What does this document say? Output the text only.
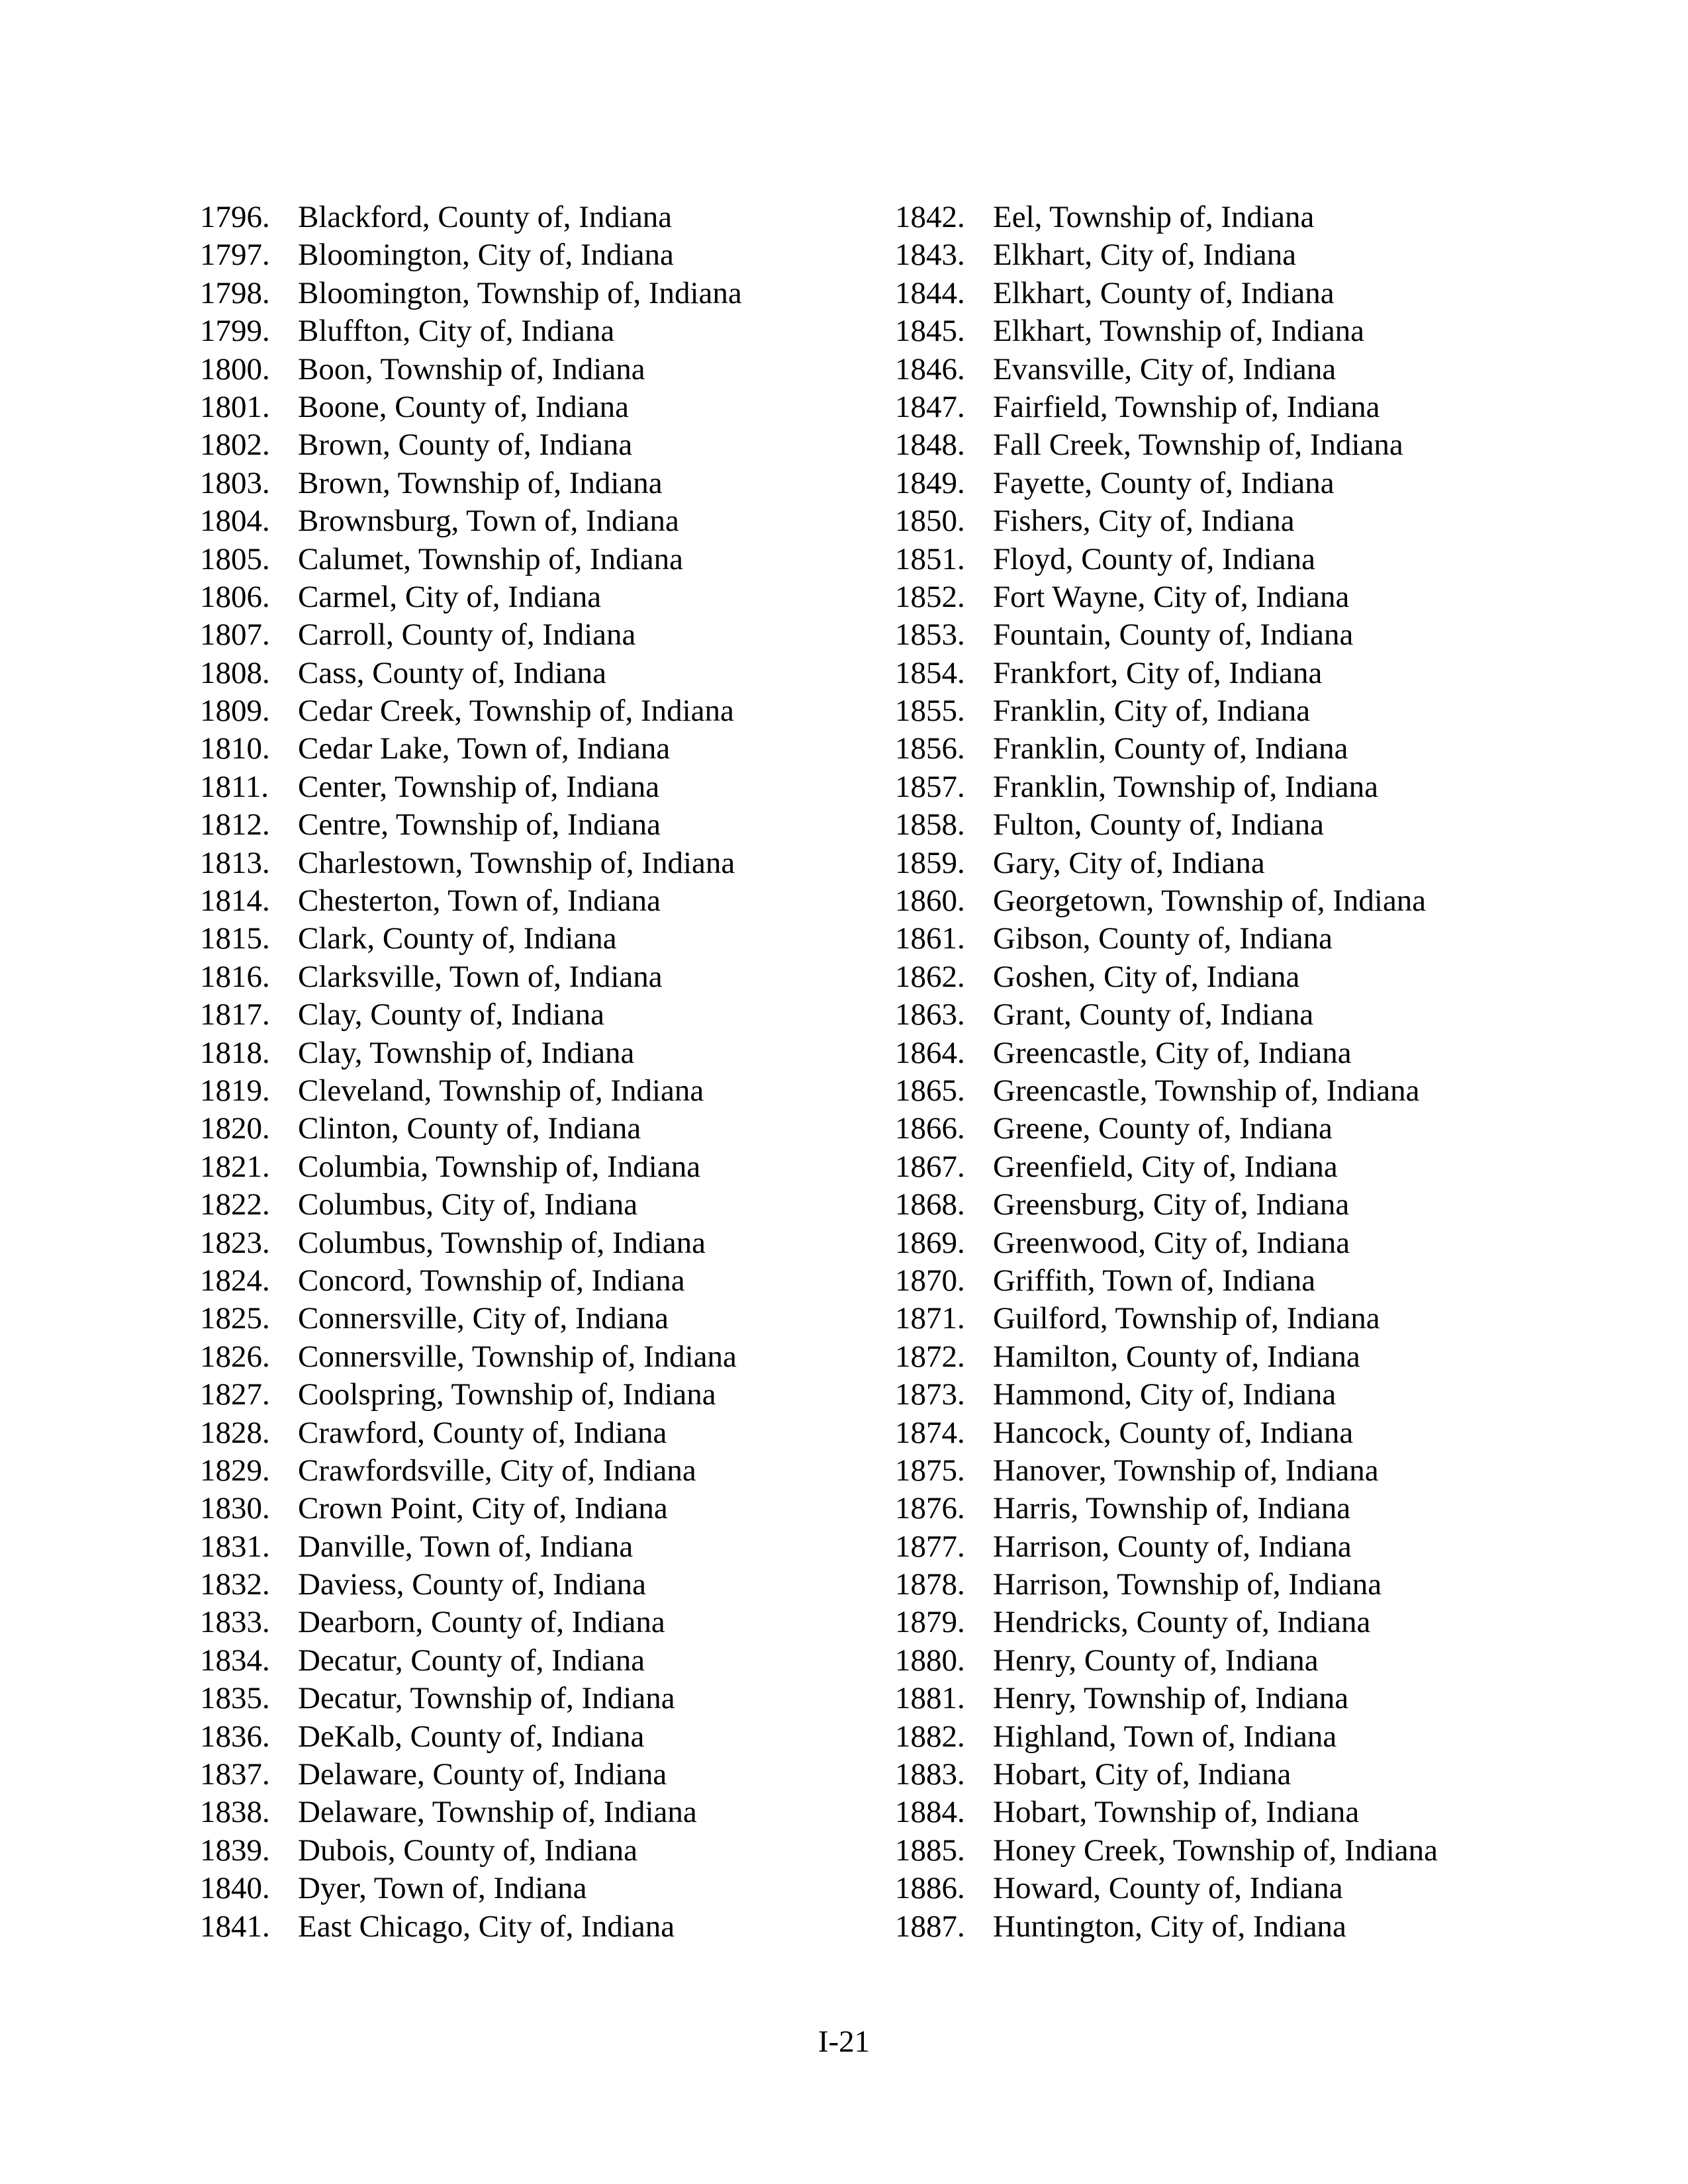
1796. Blackford, County of, Indiana
1797. Bloomington, City of, Indiana
1798. Bloomington, Township of, Indiana
1799. Bluffton, City of, Indiana
1800. Boon, Township of, Indiana
1801. Boone, County of, Indiana
1802. Brown, County of, Indiana
1803. Brown, Township of, Indiana
1804. Brownsburg, Town of, Indiana
1805. Calumet, Township of, Indiana
1806. Carmel, City of, Indiana
1807. Carroll, County of, Indiana
1808. Cass, County of, Indiana
1809. Cedar Creek, Township of, Indiana
1810. Cedar Lake, Town of, Indiana
1811. Center, Township of, Indiana
1812. Centre, Township of, Indiana
1813. Charlestown, Township of, Indiana
1814. Chesterton, Town of, Indiana
1815. Clark, County of, Indiana
1816. Clarksville, Town of, Indiana
1817. Clay, County of, Indiana
1818. Clay, Township of, Indiana
1819. Cleveland, Township of, Indiana
1820. Clinton, County of, Indiana
1821. Columbia, Township of, Indiana
1822. Columbus, City of, Indiana
1823. Columbus, Township of, Indiana
1824. Concord, Township of, Indiana
1825. Connersville, City of, Indiana
1826. Connersville, Township of, Indiana
1827. Coolspring, Township of, Indiana
1828. Crawford, County of, Indiana
1829. Crawfordsville, City of, Indiana
1830. Crown Point, City of, Indiana
1831. Danville, Town of, Indiana
1832. Daviess, County of, Indiana
1833. Dearborn, County of, Indiana
1834. Decatur, County of, Indiana
1835. Decatur, Township of, Indiana
1836. DeKalb, County of, Indiana
1837. Delaware, County of, Indiana
1838. Delaware, Township of, Indiana
1839. Dubois, County of, Indiana
1840. Dyer, Town of, Indiana
1841. East Chicago, City of, Indiana
1842. Eel, Township of, Indiana
1843. Elkhart, City of, Indiana
1844. Elkhart, County of, Indiana
1845. Elkhart, Township of, Indiana
1846. Evansville, City of, Indiana
1847. Fairfield, Township of, Indiana
1848. Fall Creek, Township of, Indiana
1849. Fayette, County of, Indiana
1850. Fishers, City of, Indiana
1851. Floyd, County of, Indiana
1852. Fort Wayne, City of, Indiana
1853. Fountain, County of, Indiana
1854. Frankfort, City of, Indiana
1855. Franklin, City of, Indiana
1856. Franklin, County of, Indiana
1857. Franklin, Township of, Indiana
1858. Fulton, County of, Indiana
1859. Gary, City of, Indiana
1860. Georgetown, Township of, Indiana
1861. Gibson, County of, Indiana
1862. Goshen, City of, Indiana
1863. Grant, County of, Indiana
1864. Greencastle, City of, Indiana
1865. Greencastle, Township of, Indiana
1866. Greene, County of, Indiana
1867. Greenfield, City of, Indiana
1868. Greensburg, City of, Indiana
1869. Greenwood, City of, Indiana
1870. Griffith, Town of, Indiana
1871. Guilford, Township of, Indiana
1872. Hamilton, County of, Indiana
1873. Hammond, City of, Indiana
1874. Hancock, County of, Indiana
1875. Hanover, Township of, Indiana
1876. Harris, Township of, Indiana
1877. Harrison, County of, Indiana
1878. Harrison, Township of, Indiana
1879. Hendricks, County of, Indiana
1880. Henry, County of, Indiana
1881. Henry, Township of, Indiana
1882. Highland, Town of, Indiana
1883. Hobart, City of, Indiana
1884. Hobart, Township of, Indiana
1885. Honey Creek, Township of, Indiana
1886. Howard, County of, Indiana
1887. Huntington, City of, Indiana
I-21
